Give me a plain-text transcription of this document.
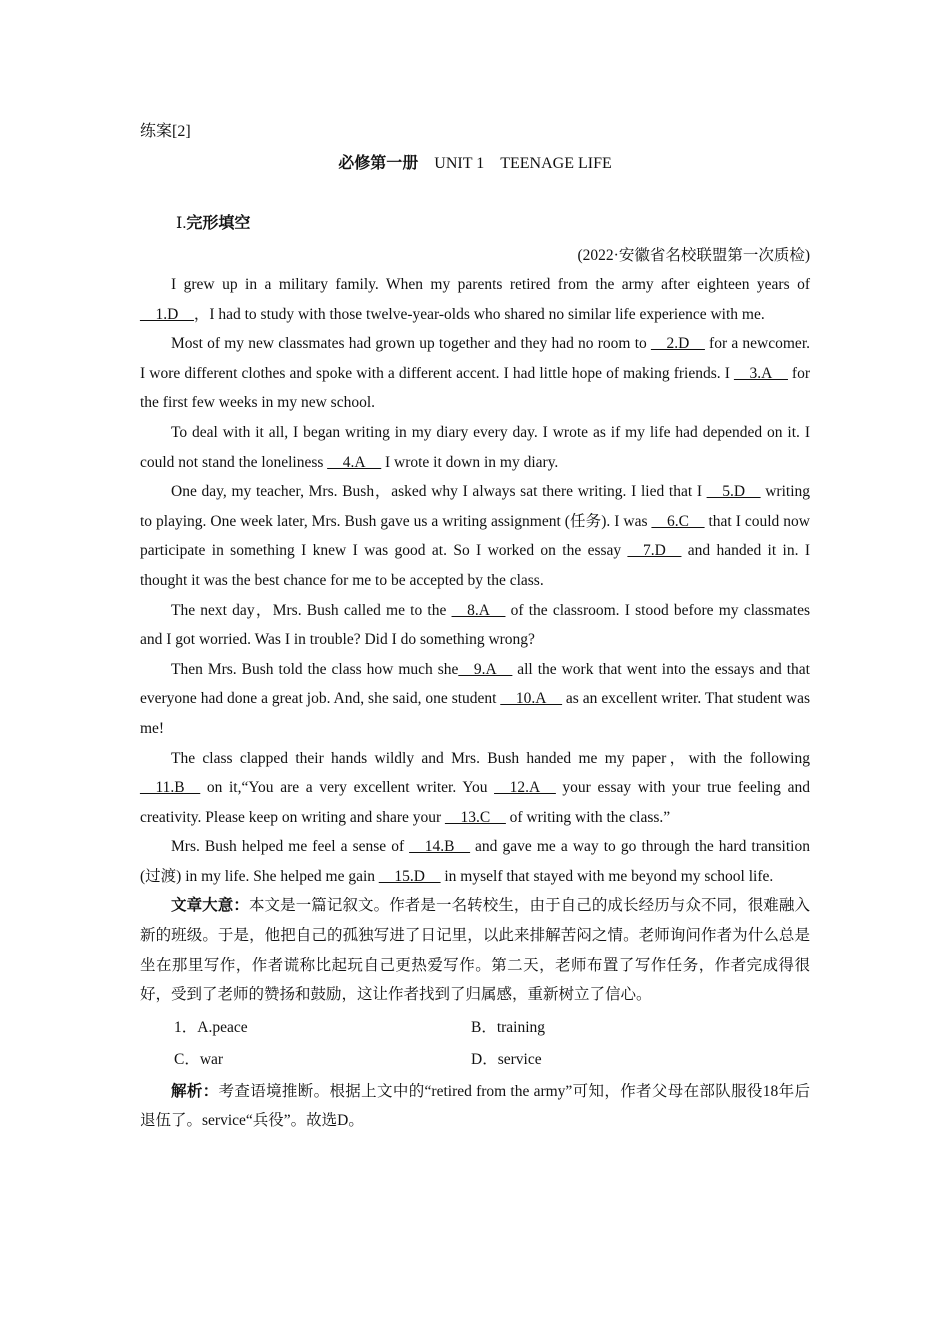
练案[2]
必修第一册　 UNIT 1　TEENAGE LIFE
Ⅰ.完形填空
(2022·安徽省名校联盟第一次质检)

I grew up in a military family. When my parents retired from the army after eighteen years of __1.D__，I had to study with those twelve-year-olds who shared no similar life experience with me.

Most of my new classmates had grown up together and they had no room to __2.D__ for a newcomer. I wore different clothes and spoke with a different accent. I had little hope of making friends. I __3.A__ for the first few weeks in my new school.

To deal with it all, I began writing in my diary every day. I wrote as if my life had depended on it. I could not stand the loneliness __4.A__ I wrote it down in my diary.

One day, my teacher, Mrs. Bush，asked why I always sat there writing. I lied that I __5.D__ writing to playing. One week later, Mrs. Bush gave us a writing assignment (任务). I was __6.C__ that I could now participate in something I knew I was good at. So I worked on the essay __7.D__ and handed it in. I thought it was the best chance for me to be accepted by the class.

The next day，Mrs. Bush called me to the __8.A__ of the classroom. I stood before my classmates and I got worried. Was I in trouble? Did I do something wrong?

Then Mrs. Bush told the class how much she__9.A__ all the work that went into the essays and that everyone had done a great job. And, she said, one student __10.A__ as an excellent writer. That student was me!

The class clapped their hands wildly and Mrs. Bush handed me my paper，with the following __11.B__ on it,“You are a very excellent writer. You __12.A__ your essay with your true feeling and creativity. Please keep on writing and share your __13.C__ of writing with the class.”

Mrs. Bush helped me feel a sense of __14.B__ and gave me a way to go through the hard transition (过渡) in my life. She helped me gain __15.D__ in myself that stayed with me beyond my school life.

文章大意：本文是一篇记叙文。作者是一名转校生，由于自己的成长经历与众不同，很难融入新的班级。于是，他把自己的孤独写进了日记里，以此来排解苦闷之情。老师询问作者为什么总是坐在那里写作，作者谎称比起玩自己更热爱写作。第二天，老师布置了写作任务，作者完成得很好，受到了老师的赞扬和鼓励，这让作者找到了归属感，重新树立了信心。

1．A.peace	B．training
C．war	D．service

解析：考查语境推断。根据上文中的“retired from the army”可知，作者父母在部队服役18年后退伍了。service“兵役”。故选D。
